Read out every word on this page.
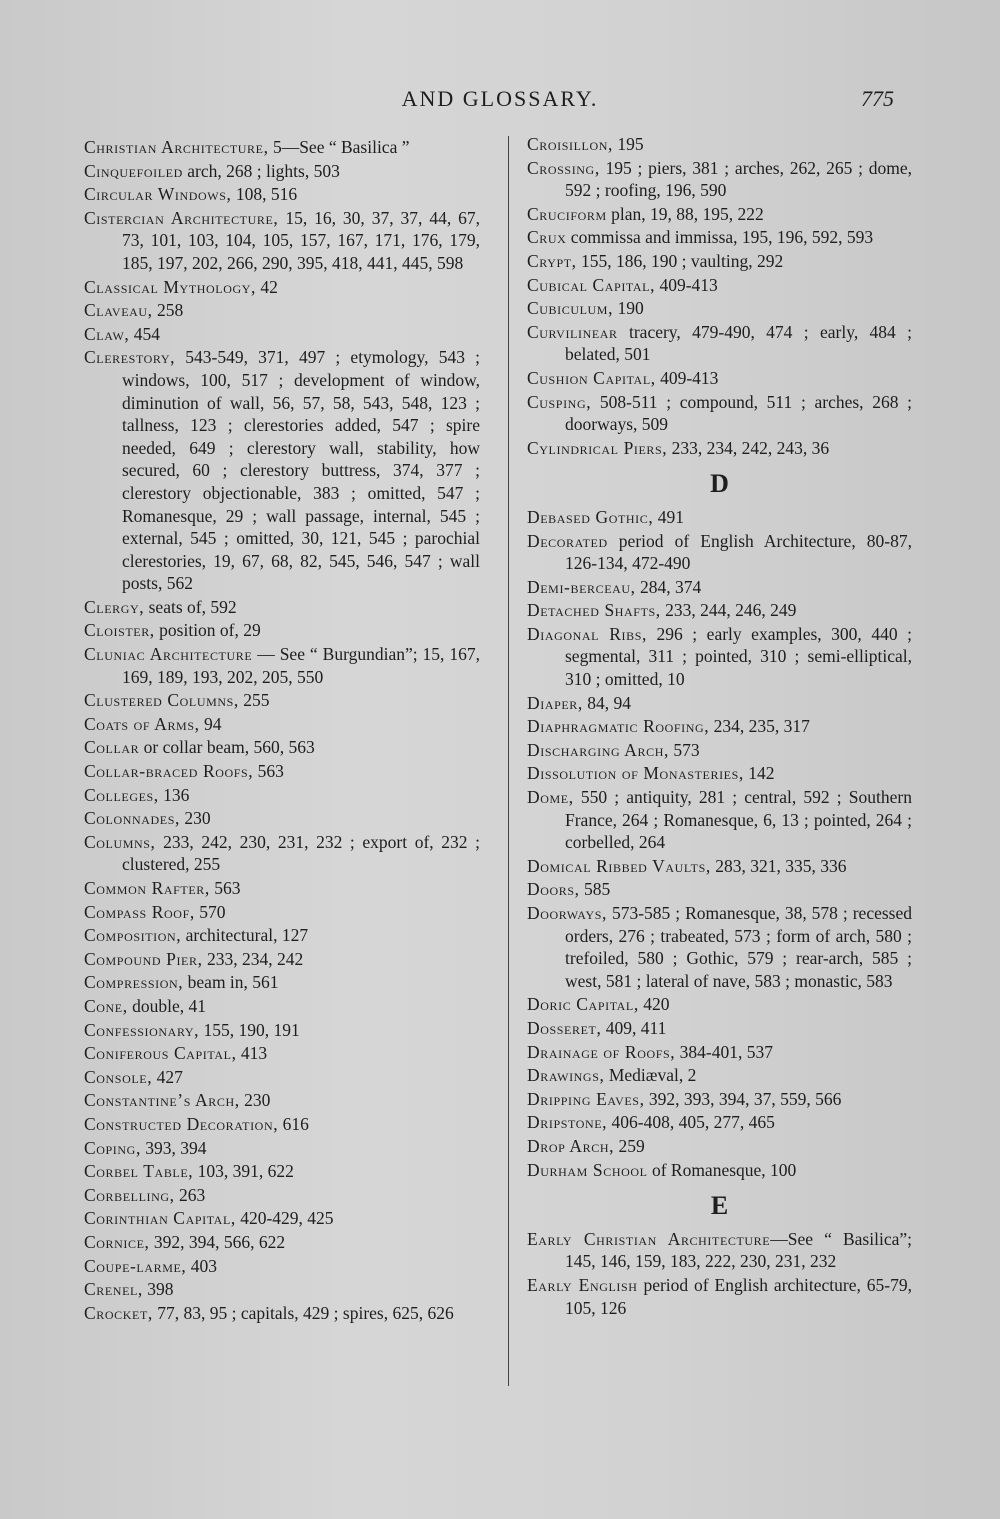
AND GLOSSARY.	775
Christian Architecture, 5—See “ Basilica ”
Cinquefoiled arch, 268 ; lights, 503
Circular Windows, 108, 516
Cistercian Architecture, 15, 16, 30, 37, 37, 44, 67, 73, 101, 103, 104, 105, 157, 167, 171, 176, 179, 185, 197, 202, 266, 290, 395, 418, 441, 445, 598
Classical Mythology, 42
Claveau, 258
Claw, 454
Clerestory, 543-549, 371, 497 ; etymology, 543 ; windows, 100, 517 ; development of window, diminution of wall, 56, 57, 58, 543, 548, 123 ; tallness, 123 ; clerestories added, 547 ; spire needed, 649 ; clerestory wall, stability, how secured, 60 ; clerestory buttress, 374, 377 ; clerestory objectionable, 383 ; omitted, 547 ; Romanesque, 29 ; wall passage, internal, 545 ; external, 545 ; omitted, 30, 121, 545 ; parochial clerestories, 19, 67, 68, 82, 545, 546, 547 ; wall posts, 562
Clergy, seats of, 592
Cloister, position of, 29
Cluniac Architecture — See “ Burgundian”; 15, 167, 169, 189, 193, 202, 205, 550
Clustered Columns, 255
Coats of Arms, 94
Collar or collar beam, 560, 563
Collar-braced Roofs, 563
Colleges, 136
Colonnades, 230
Columns, 233, 242, 230, 231, 232 ; export of, 232 ; clustered, 255
Common Rafter, 563
Compass Roof, 570
Composition, architectural, 127
Compound Pier, 233, 234, 242
Compression, beam in, 561
Cone, double, 41
Confessionary, 155, 190, 191
Coniferous Capital, 413
Console, 427
Constantine’s Arch, 230
Constructed Decoration, 616
Coping, 393, 394
Corbel Table, 103, 391, 622
Corbelling, 263
Corinthian Capital, 420-429, 425
Cornice, 392, 394, 566, 622
Coupe-larme, 403
Crenel, 398
Crocket, 77, 83, 95 ; capitals, 429 ; spires, 625, 626
Croisillon, 195
Crossing, 195 ; piers, 381 ; arches, 262, 265 ; dome, 592 ; roofing, 196, 590
Cruciform plan, 19, 88, 195, 222
Crux commissa and immissa, 195, 196, 592, 593
Crypt, 155, 186, 190 ; vaulting, 292
Cubical Capital, 409-413
Cubiculum, 190
Curvilinear tracery, 479-490, 474 ; early, 484 ; belated, 501
Cushion Capital, 409-413
Cusping, 508-511 ; compound, 511 ; arches, 268 ; doorways, 509
Cylindrical Piers, 233, 234, 242, 243, 36
D
Debased Gothic, 491
Decorated period of English Architecture, 80-87, 126-134, 472-490
Demi-berceau, 284, 374
Detached Shafts, 233, 244, 246, 249
Diagonal Ribs, 296 ; early examples, 300, 440 ; segmental, 311 ; pointed, 310 ; semi-elliptical, 310 ; omitted, 10
Diaper, 84, 94
Diaphragmatic Roofing, 234, 235, 317
Discharging Arch, 573
Dissolution of Monasteries, 142
Dome, 550 ; antiquity, 281 ; central, 592 ; Southern France, 264 ; Romanesque, 6, 13 ; pointed, 264 ; corbelled, 264
Domical Ribbed Vaults, 283, 321, 335, 336
Doors, 585
Doorways, 573-585 ; Romanesque, 38, 578 ; recessed orders, 276 ; trabeated, 573 ; form of arch, 580 ; trefoiled, 580 ; Gothic, 579 ; rear-arch, 585 ; west, 581 ; lateral of nave, 583 ; monastic, 583
Doric Capital, 420
Dosseret, 409, 411
Drainage of Roofs, 384-401, 537
Drawings, Mediæval, 2
Dripping Eaves, 392, 393, 394, 37, 559, 566
Dripstone, 406-408, 405, 277, 465
Drop Arch, 259
Durham School of Romanesque, 100
E
Early Christian Architecture—See “ Basilica”; 145, 146, 159, 183, 222, 230, 231, 232
Early English period of English architecture, 65-79, 105, 126
